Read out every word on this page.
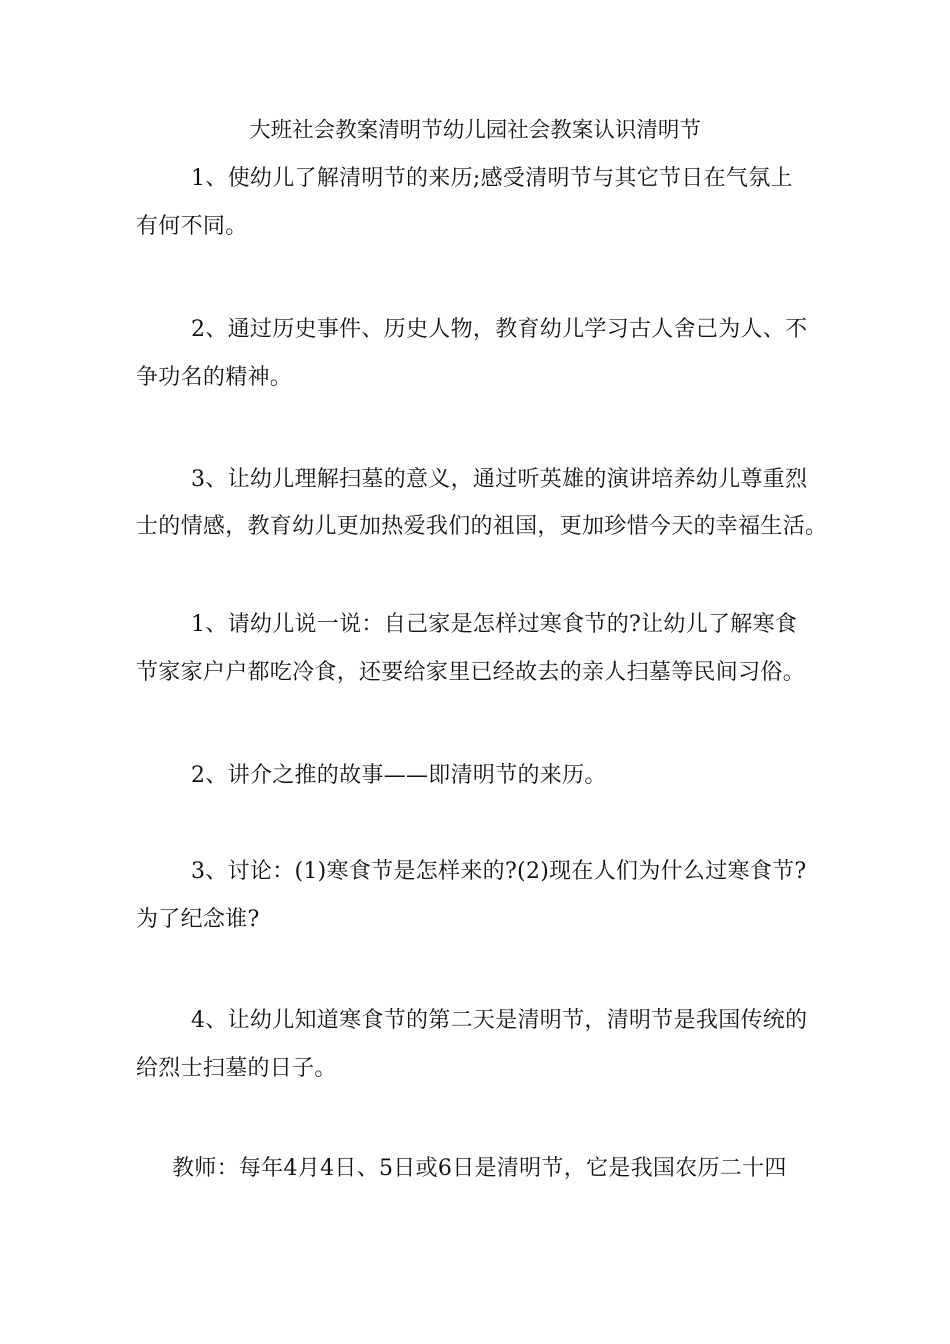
大班社会教案清明节幼儿园社会教案认识清明节
1、使幼儿了解清明节的来历;感受清明节与其它节日在气氛上
有何不同。
2、通过历史事件、历史人物，教育幼儿学习古人舍己为人、不
争功名的精神。
3、让幼儿理解扫墓的意义，通过听英雄的演讲培养幼儿尊重烈
士的情感，教育幼儿更加热爱我们的祖国，更加珍惜今天的幸福生活。
1、请幼儿说一说：自己家是怎样过寒食节的?让幼儿了解寒食
节家家户户都吃冷食，还要给家里已经故去的亲人扫墓等民间习俗。
2、讲介之推的故事——即清明节的来历。
3、讨论：(1)寒食节是怎样来的?(2)现在人们为什么过寒食节?
为了纪念谁?
4、让幼儿知道寒食节的第二天是清明节，清明节是我国传统的
给烈士扫墓的日子。
教师：每年4月4日、5日或6日是清明节，它是我国农历二十四
